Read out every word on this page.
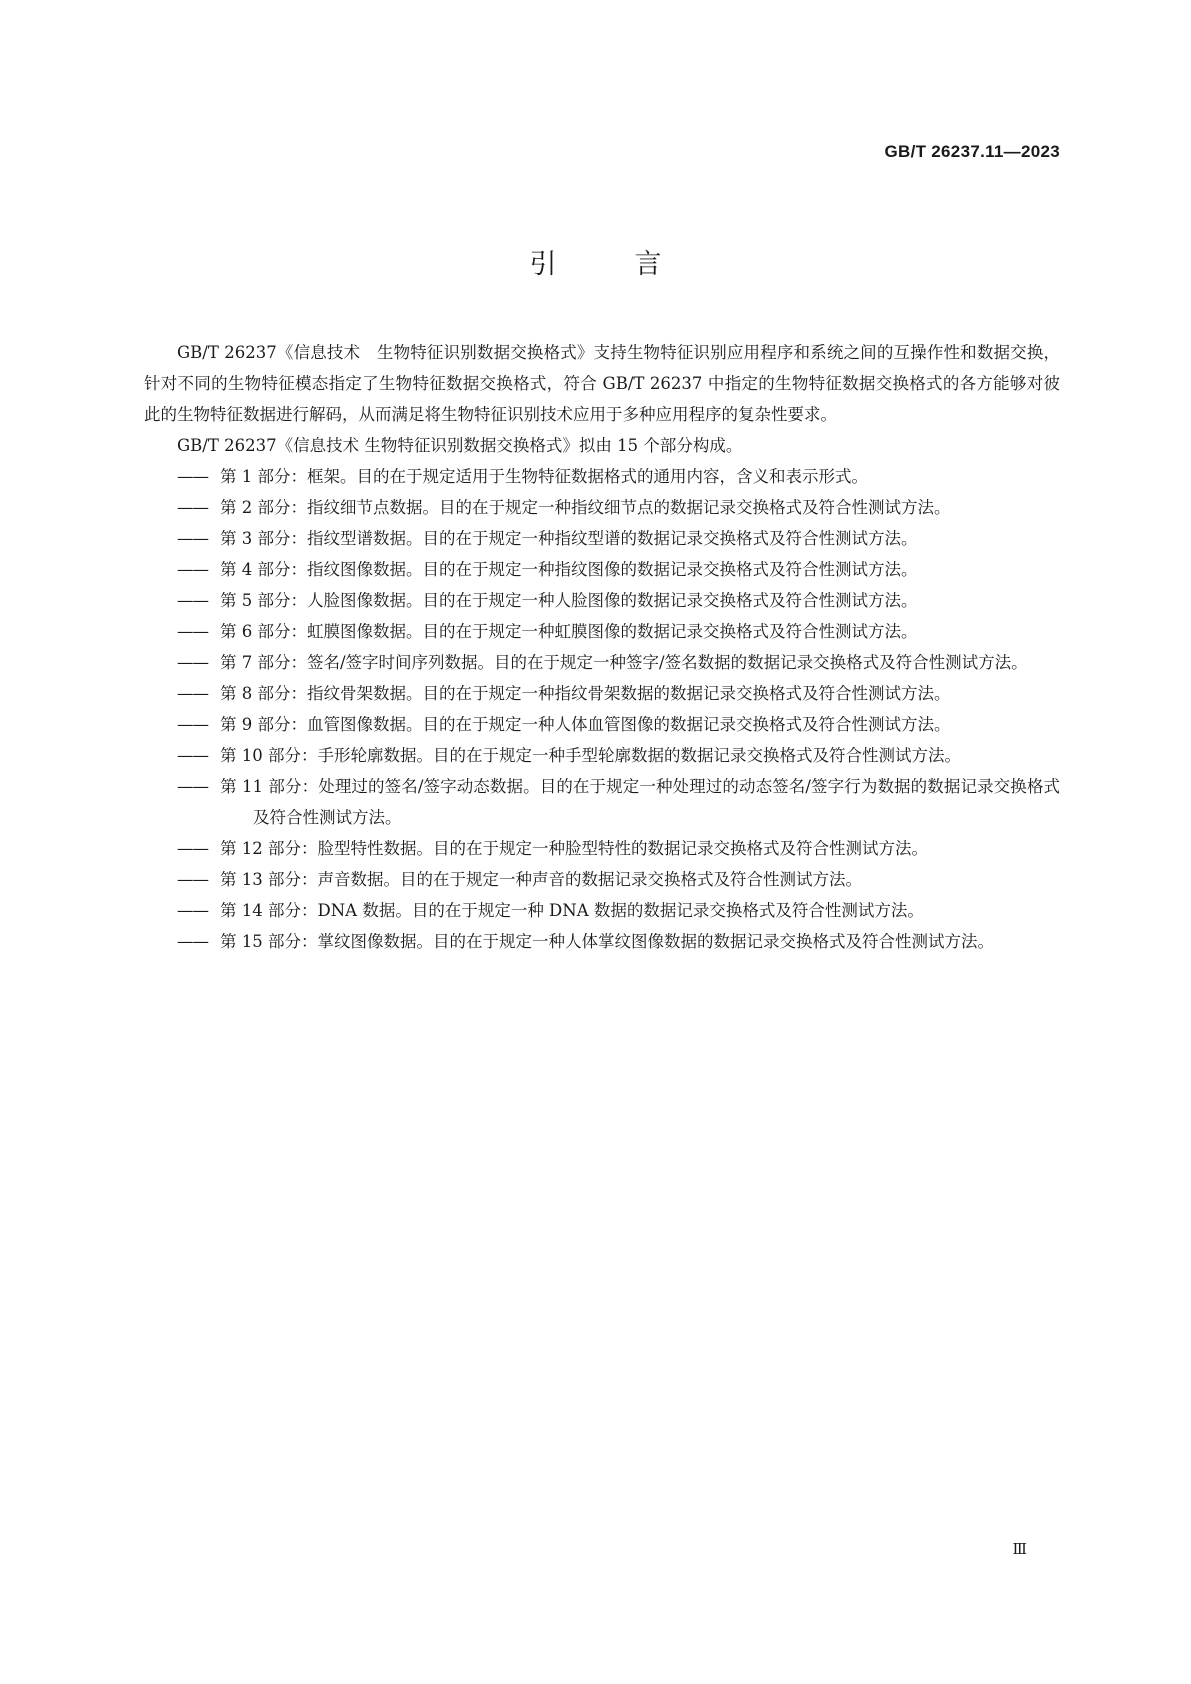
GB/T 26237.11—2023
引言

GB/T 26237《信息技术　生物特征识别数据交换格式》支持生物特征识别应用程序和系统之间的互操作性和数据交换，针对不同的生物特征模态指定了生物特征数据交换格式，符合 GB/T 26237 中指定的生物特征数据交换格式的各方能够对彼此的生物特征数据进行解码，从而满足将生物特征识别技术应用于多种应用程序的复杂性要求。

GB/T 26237《信息技术 生物特征识别数据交换格式》拟由 15 个部分构成。

—— 第 1 部分：框架。目的在于规定适用于生物特征数据格式的通用内容，含义和表示形式。
—— 第 2 部分：指纹细节点数据。目的在于规定一种指纹细节点的数据记录交换格式及符合性测试方法。
—— 第 3 部分：指纹型谱数据。目的在于规定一种指纹型谱的数据记录交换格式及符合性测试方法。
—— 第 4 部分：指纹图像数据。目的在于规定一种指纹图像的数据记录交换格式及符合性测试方法。
—— 第 5 部分：人脸图像数据。目的在于规定一种人脸图像的数据记录交换格式及符合性测试方法。
—— 第 6 部分：虹膜图像数据。目的在于规定一种虹膜图像的数据记录交换格式及符合性测试方法。
—— 第 7 部分：签名/签字时间序列数据。目的在于规定一种签字/签名数据的数据记录交换格式及符合性测试方法。
—— 第 8 部分：指纹骨架数据。目的在于规定一种指纹骨架数据的数据记录交换格式及符合性测试方法。
—— 第 9 部分：血管图像数据。目的在于规定一种人体血管图像的数据记录交换格式及符合性测试方法。
—— 第 10 部分：手形轮廓数据。目的在于规定一种手型轮廓数据的数据记录交换格式及符合性测试方法。
—— 第 11 部分：处理过的签名/签字动态数据。目的在于规定一种处理过的动态签名/签字行为数据的数据记录交换格式及符合性测试方法。
—— 第 12 部分：脸型特性数据。目的在于规定一种脸型特性的数据记录交换格式及符合性测试方法。
—— 第 13 部分：声音数据。目的在于规定一种声音的数据记录交换格式及符合性测试方法。
—— 第 14 部分：DNA 数据。目的在于规定一种 DNA 数据的数据记录交换格式及符合性测试方法。
—— 第 15 部分：掌纹图像数据。目的在于规定一种人体掌纹图像数据的数据记录交换格式及符合性测试方法。
Ⅲ
